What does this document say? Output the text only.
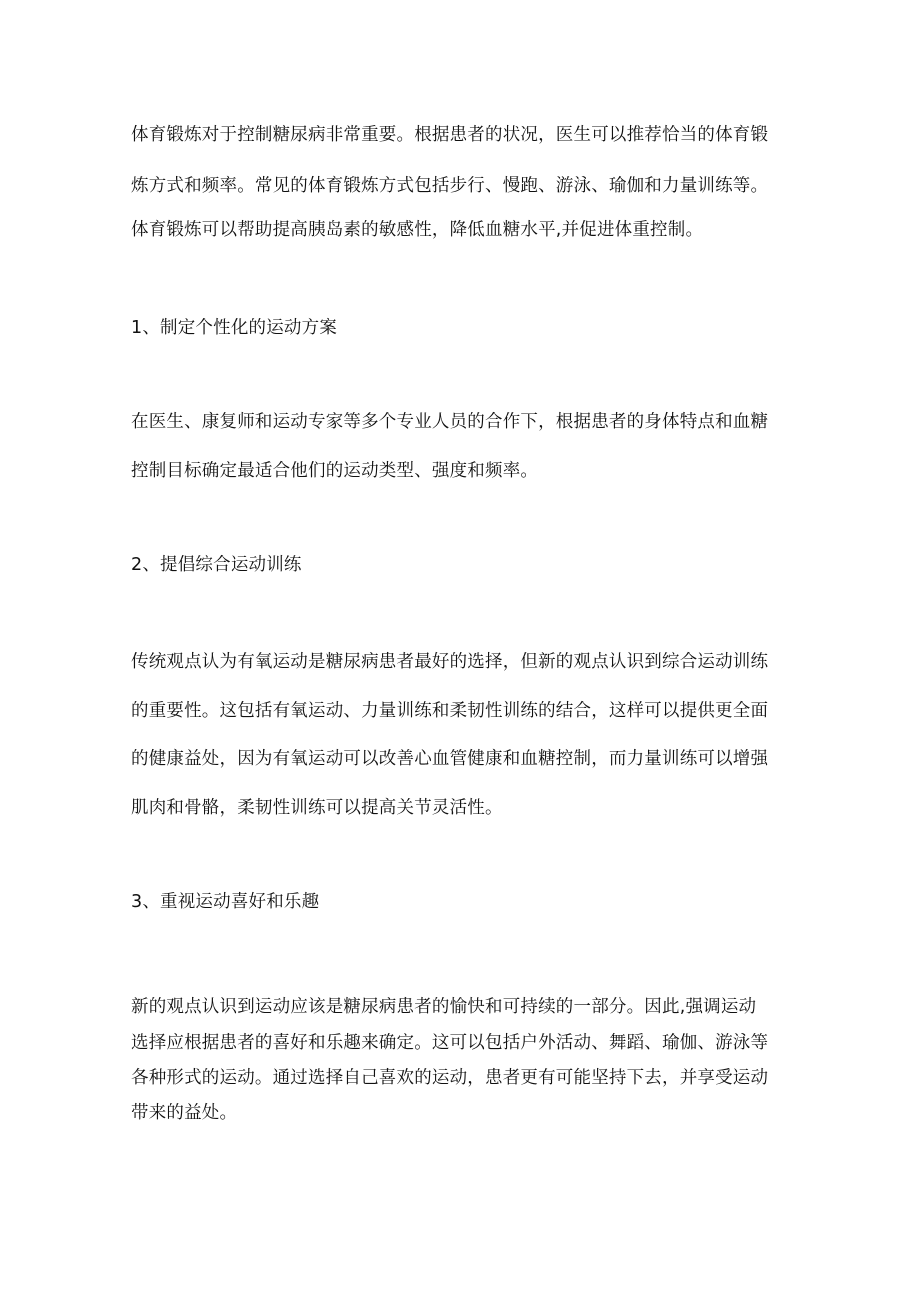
体育锻炼对于控制糖尿病非常重要。根据患者的状况，医生可以推荐恰当的体育锻
炼方式和频率。常见的体育锻炼方式包括步行、慢跑、游泳、瑜伽和力量训练等。
体育锻炼可以帮助提高胰岛素的敏感性，降低血糖水平,并促进体重控制。
1、制定个性化的运动方案
在医生、康复师和运动专家等多个专业人员的合作下，根据患者的身体特点和血糖
控制目标确定最适合他们的运动类型、强度和频率。
2、提倡综合运动训练
传统观点认为有氧运动是糖尿病患者最好的选择，但新的观点认识到综合运动训练
的重要性。这包括有氧运动、力量训练和柔韧性训练的结合，这样可以提供更全面
的健康益处，因为有氧运动可以改善心血管健康和血糖控制，而力量训练可以增强
肌肉和骨骼，柔韧性训练可以提高关节灵活性。
3、重视运动喜好和乐趣
新的观点认识到运动应该是糖尿病患者的愉快和可持续的一部分。因此,强调运动
选择应根据患者的喜好和乐趣来确定。这可以包括户外活动、舞蹈、瑜伽、游泳等
各种形式的运动。通过选择自己喜欢的运动，患者更有可能坚持下去，并享受运动
带来的益处。
